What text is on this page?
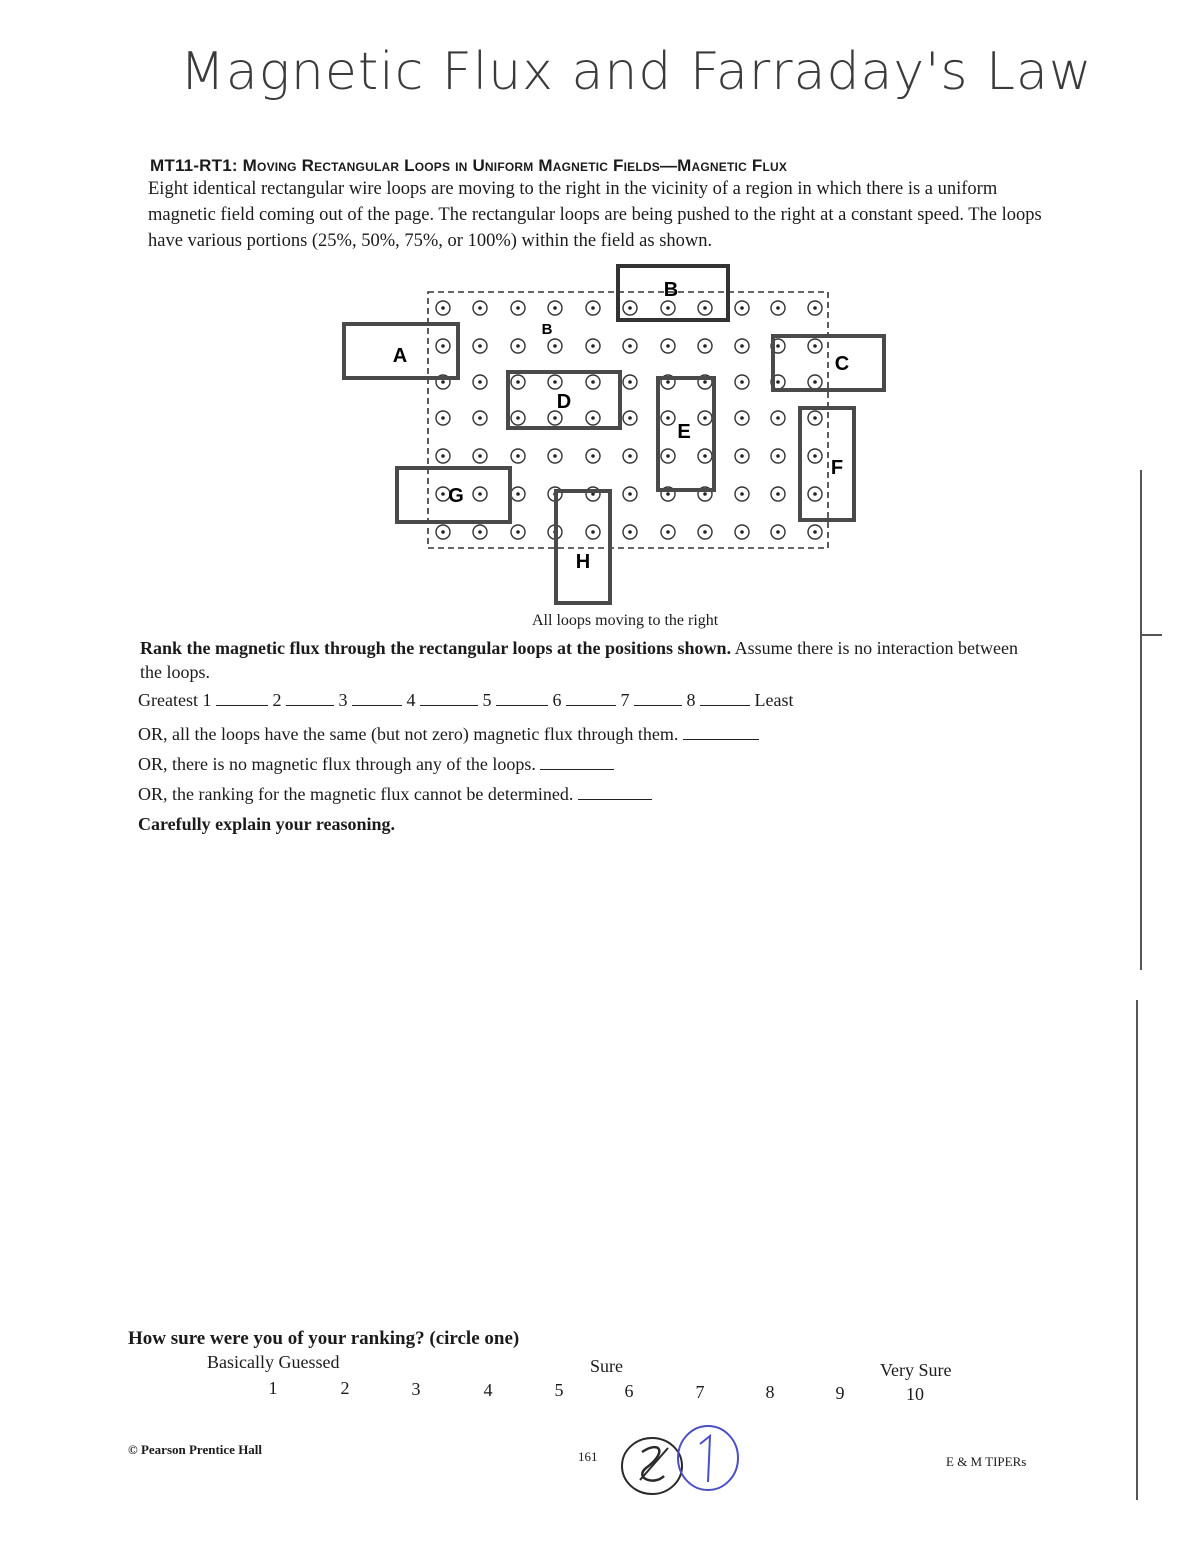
Magnetic Flux and Farraday's Law
MT11-RT1: Moving Rectangular Loops in Uniform Magnetic Fields—Magnetic Flux
Eight identical rectangular wire loops are moving to the right in the vicinity of a region in which there is a uniform magnetic field coming out of the page. The rectangular loops are being pushed to the right at a constant speed. The loops have various portions (25%, 50%, 75%, or 100%) within the field as shown.
A
B
C
D
E
F
G
H
B
All loops moving to the right
Rank the magnetic flux through the rectangular loops at the positions shown. Assume there is no interaction between the loops.
Greatest 1	2	3	4	5	6	7	8	Least
OR, all the loops have the same (but not zero) magnetic flux through them.
OR, there is no magnetic flux through any of the loops.
OR, the ranking for the magnetic flux cannot be determined.
Carefully explain your reasoning.
How sure were you of your ranking? (circle one)
Basically Guessed	Sure	Very Sure
1	2	3	4	5	6	7	8	9	10
© Pearson Prentice Hall	161	E & M TIPERs
